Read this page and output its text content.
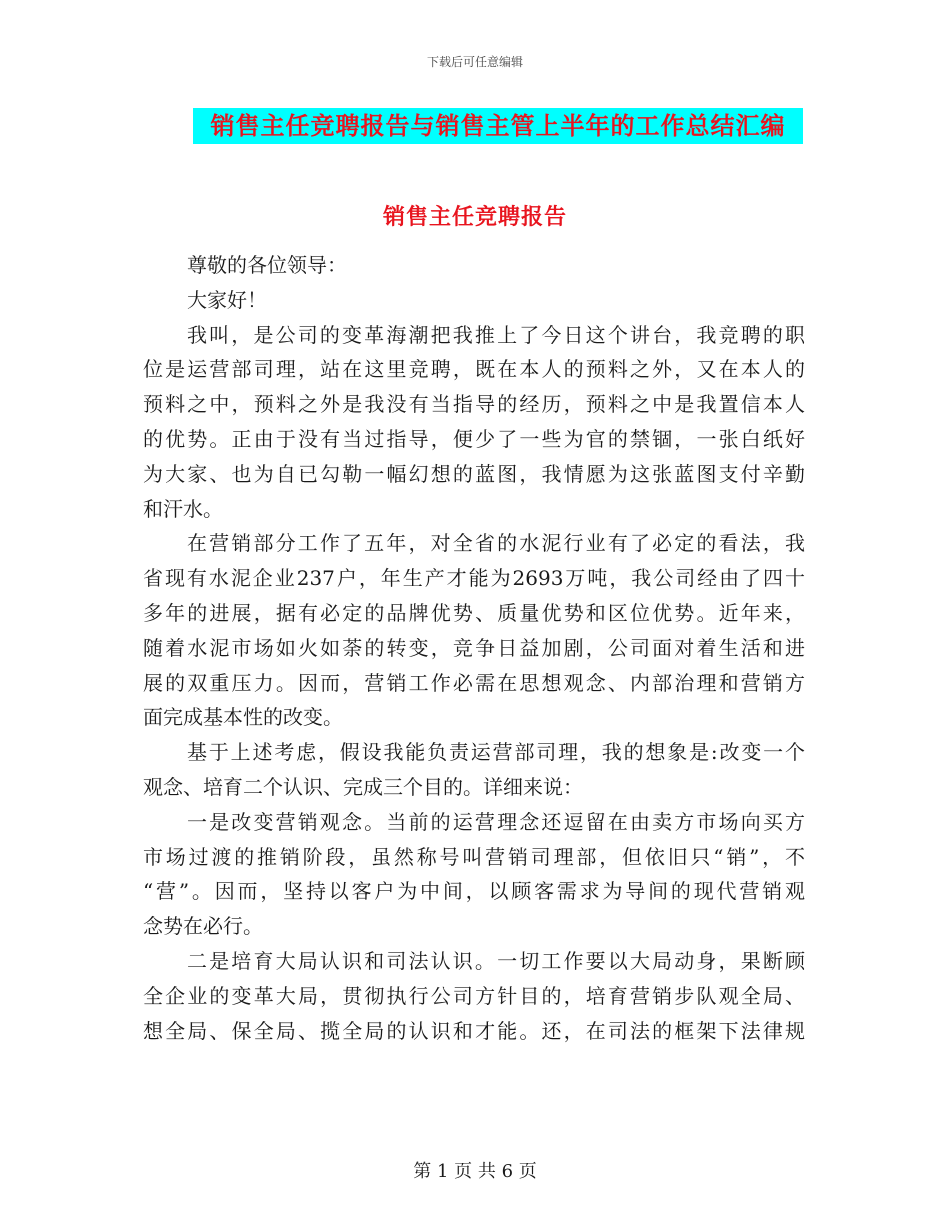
下载后可任意编辑
销售主任竞聘报告与销售主管上半年的工作总结汇编
销售主任竞聘报告
尊敬的各位领导：
大家好！
我叫，是公司的变革海潮把我推上了今日这个讲台，我竞聘的职
位是运营部司理，站在这里竞聘，既在本人的预料之外，又在本人的
预料之中，预料之外是我没有当指导的经历，预料之中是我置信本人
的优势。正由于没有当过指导，便少了一些为官的禁锢，一张白纸好
为大家、也为自已勾勒一幅幻想的蓝图，我情愿为这张蓝图支付辛勤
和汗水。
在营销部分工作了五年，对全省的水泥行业有了必定的看法，我
省现有水泥企业237户，年生产才能为2693万吨，我公司经由了四十
多年的进展，据有必定的品牌优势、质量优势和区位优势。近年来，
随着水泥市场如火如荼的转变，竞争日益加剧，公司面对着生活和进
展的双重压力。因而，营销工作必需在思想观念、内部治理和营销方
面完成基本性的改变。
基于上述考虑，假设我能负责运营部司理，我的想象是:改变一个
观念、培育二个认识、完成三个目的。详细来说：
一是改变营销观念。当前的运营理念还逗留在由卖方市场向买方
市场过渡的推销阶段，虽然称号叫营销司理部，但依旧只“销”，不
“营”。因而，坚持以客户为中间，以顾客需求为导间的现代营销观
念势在必行。
二是培育大局认识和司法认识。一切工作要以大局动身，果断顾
全企业的变革大局，贯彻执行公司方针目的，培育营销步队观全局、
想全局、保全局、揽全局的认识和才能。还，在司法的框架下法律规
第 1 页 共 6 页
